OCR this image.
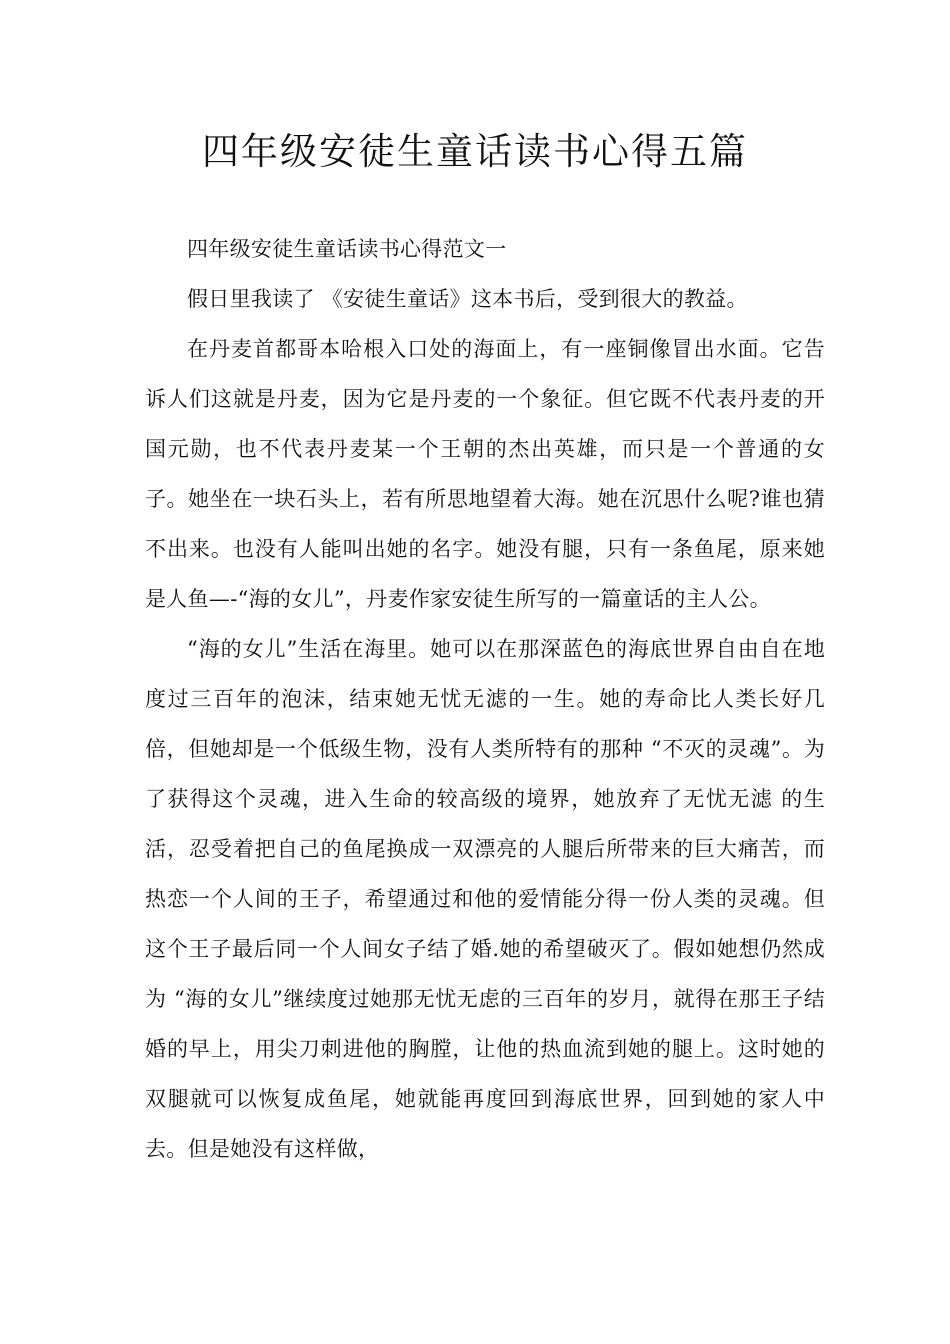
四年级安徒生童话读书心得五篇

四年级安徒生童话读书心得范文一

假日里我读了 《安徒生童话》这本书后，受到很大的教益。

在丹麦首都哥本哈根入口处的海面上，有一座铜像冒出水面。它告诉人们这就是丹麦，因为它是丹麦的一个象征。但它既不代表丹麦的开国元勋，也不代表丹麦某一个王朝的杰出英雄，而只是一个普通的女子。她坐在一块石头上，若有所思地望着大海。她在沉思什么呢?谁也猜不出来。也没有人能叫出她的名字。她没有腿，只有一条鱼尾，原来她是人鱼—-“海的女儿”，丹麦作家安徒生所写的一篇童话的主人公。

“海的女儿”生活在海里。她可以在那深蓝色的海底世界自由自在地度过三百年的泡沫，结束她无忧无滤的一生。她的寿命比人类长好几倍，但她却是一个低级生物，没有人类所特有的那种 “不灭的灵魂”。为了获得这个灵魂，进入生命的较高级的境界，她放弃了无忧无滤 的生活，忍受着把自己的鱼尾换成一双漂亮的人腿后所带来的巨大痛苦，而热恋一个人间的王子，希望通过和他的爱情能分得一份人类的灵魂。但这个王子最后同一个人间女子结了婚.她的希望破灭了。假如她想仍然成为 “海的女儿”继续度过她那无忧无虑的三百年的岁月，就得在那王子结婚的早上，用尖刀刺进他的胸膛，让他的热血流到她的腿上。这时她的双腿就可以恢复成鱼尾，她就能再度回到海底世界，回到她的家人中去。但是她没有这样做，
